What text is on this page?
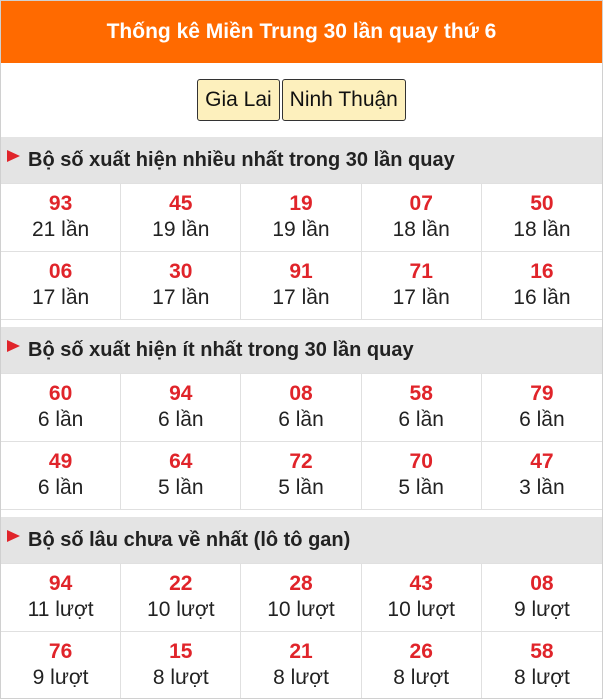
Thống kê Miền Trung 30 lần quay thứ 6
Gia Lai Ninh Thuận
Bộ số xuất hiện nhiều nhất trong 30 lần quay
93
21 lần
45
19 lần
19
19 lần
07
18 lần
50
18 lần
06
17 lần
30
17 lần
91
17 lần
71
17 lần
16
16 lần
Bộ số xuất hiện ít nhất trong 30 lần quay
60
6 lần
94
6 lần
08
6 lần
58
6 lần
79
6 lần
49
6 lần
64
5 lần
72
5 lần
70
5 lần
47
3 lần
Bộ số lâu chưa về nhất (lô tô gan)
94
11 lượt
22
10 lượt
28
10 lượt
43
10 lượt
08
9 lượt
76
9 lượt
15
8 lượt
21
8 lượt
26
8 lượt
58
8 lượt
